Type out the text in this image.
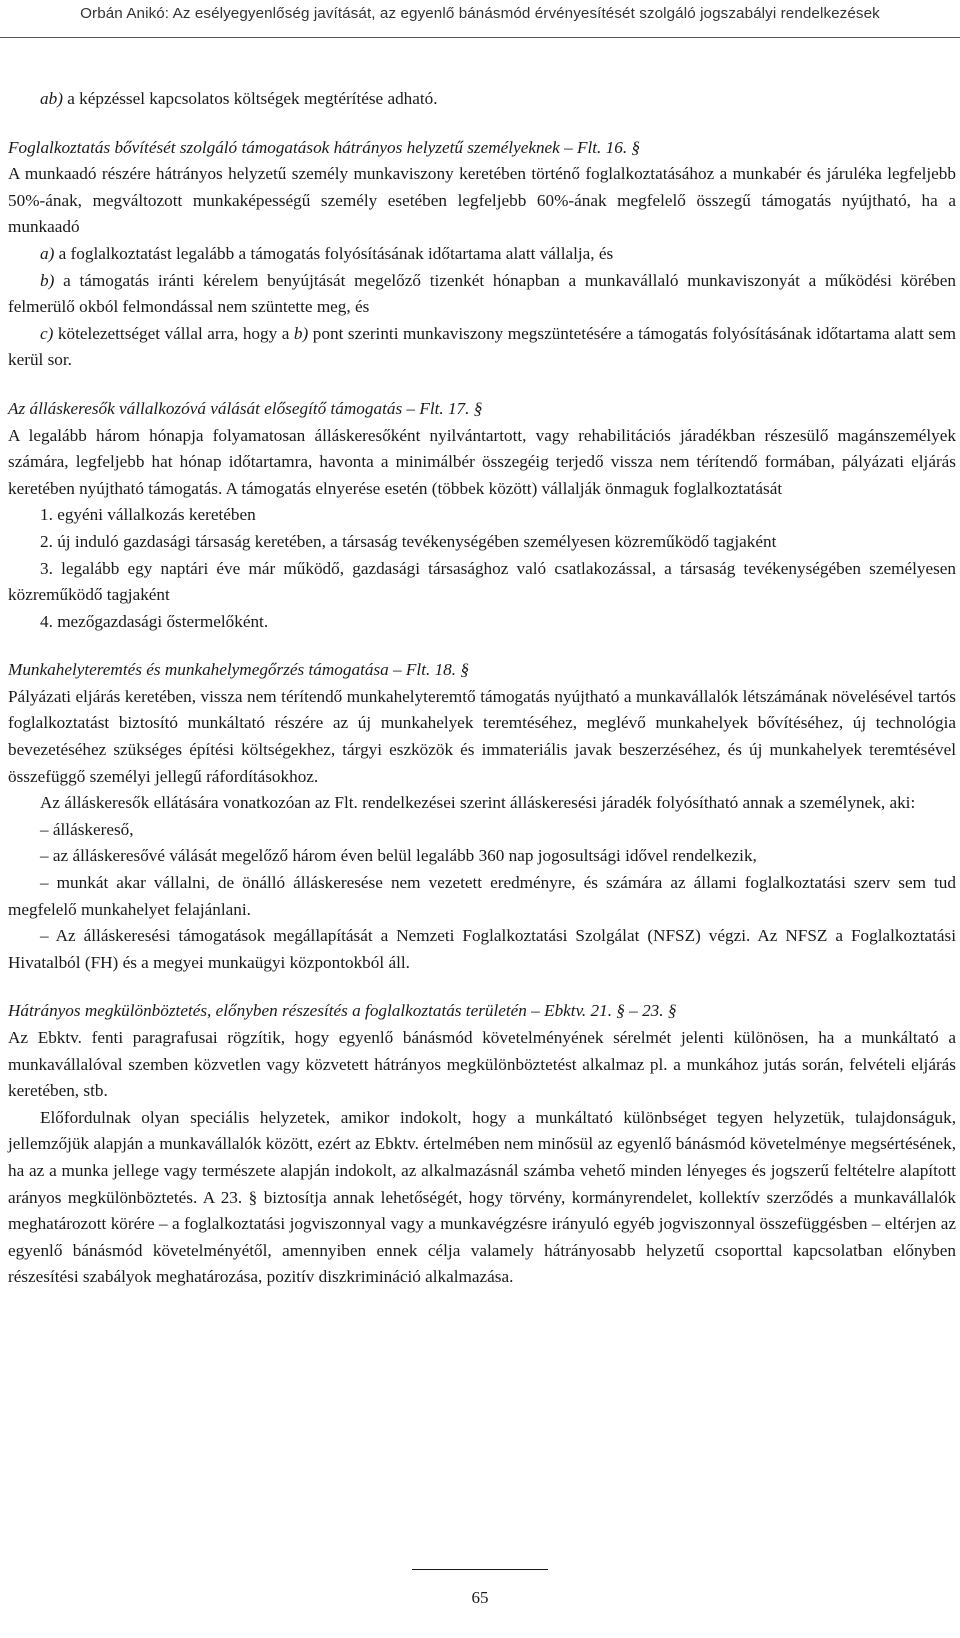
Orbán Anikó: Az esélyegyenlőség javítását, az egyenlő bánásmód érvényesítését szolgáló jogszabályi rendelkezések

ab) a képzéssel kapcsolatos költségek megtérítése adható.

Foglalkoztatás bővítését szolgáló támogatások hátrányos helyzetű személyeknek – Flt. 16. §

A munkaadó részére hátrányos helyzetű személy munkaviszony keretében történő foglalkoztatásához a munkabér és járuléka legfeljebb 50%-ának, megváltozott munkaképességű személy esetében legfeljebb 60%-ának megfelelő összegű támogatás nyújtható, ha a munkaadó

a) a foglalkoztatást legalább a támogatás folyósításának időtartama alatt vállalja, és

b) a támogatás iránti kérelem benyújtását megelőző tizenkét hónapban a munkavállaló munkaviszonyát a működési körében felmerülő okból felmondással nem szüntette meg, és

c) kötelezettséget vállal arra, hogy a b) pont szerinti munkaviszony megszüntetésére a támogatás folyósításának időtartama alatt sem kerül sor.

Az álláskeresők vállalkozóvá válását elősegítő támogatás – Flt. 17. §

A legalább három hónapja folyamatosan álláskeresőként nyilvántartott, vagy rehabilitációs járadékban részesülő magánszemélyek számára, legfeljebb hat hónap időtartamra, havonta a minimálbér összegéig terjedő vissza nem térítendő formában, pályázati eljárás keretében nyújtható támogatás. A támogatás elnyerése esetén (többek között) vállalják önmaguk foglalkoztatását

1. egyéni vállalkozás keretében

2. új induló gazdasági társaság keretében, a társaság tevékenységében személyesen közreműködő tagjaként

3. legalább egy naptári éve már működő, gazdasági társasághoz való csatlakozással, a társaság tevékenységében személyesen közreműködő tagjaként

4. mezőgazdasági őstermelőként.

Munkahelyteremtés és munkahelymegőrzés támogatása – Flt. 18. §

Pályázati eljárás keretében, vissza nem térítendő munkahelyteremtő támogatás nyújtható a munkavállalók létszámának növelésével tartós foglalkoztatást biztosító munkáltató részére az új munkahelyek teremtéséhez, meglévő munkahelyek bővítéséhez, új technológia bevezetéséhez szükséges építési költségekhez, tárgyi eszközök és immateriális javak beszerzéséhez, és új munkahelyek teremtésével összefüggő személyi jellegű ráfordításokhoz.

Az álláskeresők ellátására vonatkozóan az Flt. rendelkezései szerint álláskeresési járadék folyósítható annak a személynek, aki:

– álláskereső,

– az álláskeresővé válását megelőző három éven belül legalább 360 nap jogosultsági idővel rendelkezik,

– munkát akar vállalni, de önálló álláskeresése nem vezetett eredményre, és számára az állami foglalkoztatási szerv sem tud megfelelő munkahelyet felajánlani.

– Az álláskeresési támogatások megállapítását a Nemzeti Foglalkoztatási Szolgálat (NFSZ) végzi. Az NFSZ a Foglalkoztatási Hivatalból (FH) és a megyei munkaügyi központokból áll.

Hátrányos megkülönböztetés, előnyben részesítés a foglalkoztatás területén – Ebktv. 21. § – 23. §

Az Ebktv. fenti paragrafusai rögzítik, hogy egyenlő bánásmód követelményének sérelmét jelenti különösen, ha a munkáltató a munkavállalóval szemben közvetlen vagy közvetett hátrányos megkülönböztetést alkalmaz pl. a munkához jutás során, felvételi eljárás keretében, stb.

Előfordulnak olyan speciális helyzetek, amikor indokolt, hogy a munkáltató különbséget tegyen helyzetük, tulajdonságuk, jellemzőjük alapján a munkavállalók között, ezért az Ebktv. értelmében nem minősül az egyenlő bánásmód követelménye megsértésének, ha az a munka jellege vagy természete alapján indokolt, az alkalmazásnál számba vehető minden lényeges és jogszerű feltételre alapított arányos megkülönböztetés. A 23. § biztosítja annak lehetőségét, hogy törvény, kormányrendelet, kollektív szerződés a munkavállalók meghatározott körére – a foglalkoztatási jogviszonnyal vagy a munkavégzésre irányuló egyéb jogviszonnyal összefüggésben – eltérjen az egyenlő bánásmód követelményétől, amennyiben ennek célja valamely hátrányosabb helyzetű csoporttal kapcsolatban előnyben részesítési szabályok meghatározása, pozitív diszkrimináció alkalmazása.

65
